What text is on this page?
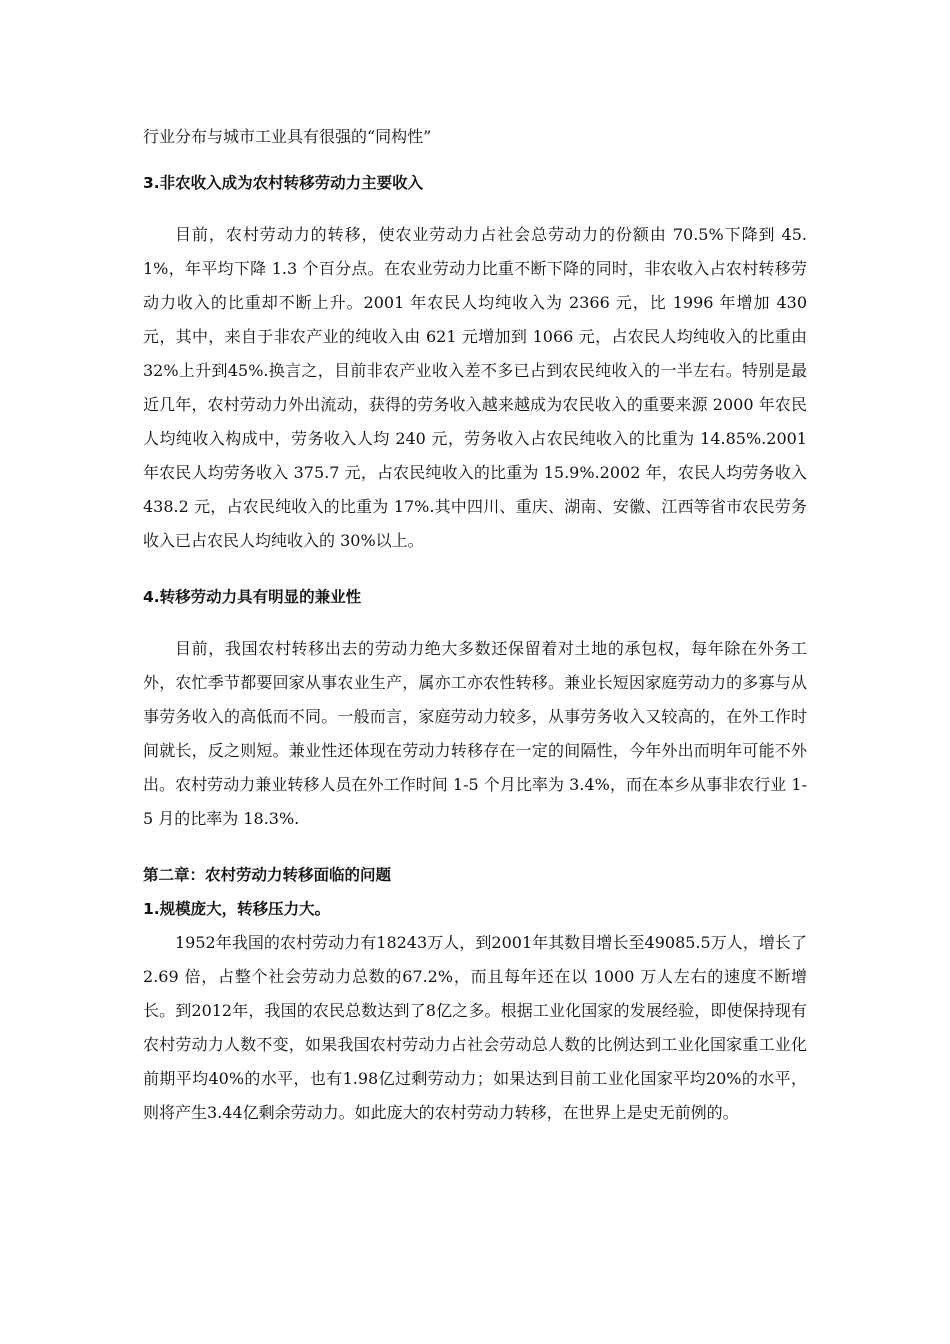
行业分布与城市工业具有很强的“同构性”

3.非农收入成为农村转移劳动力主要收入

目前，农村劳动力的转移，使农业劳动力占社会总劳动力的份额由 70.5%下降到 45.1%，年平均下降 1.3 个百分点。在农业劳动力比重不断下降的同时，非农收入占农村转移劳动力收入的比重却不断上升。2001 年农民人均纯收入为 2366 元，比 1996 年增加 430 元，其中，来自于非农产业的纯收入由 621 元增加到 1066 元，占农民人均纯收入的比重由 32%上升到45%.换言之，目前非农产业收入差不多已占到农民纯收入的一半左右。特别是最近几年，农村劳动力外出流动，获得的劳务收入越来越成为农民收入的重要来源 2000 年农民人均纯收入构成中，劳务收入人均 240 元，劳务收入占农民纯收入的比重为 14.85%.2001 年农民人均劳务收入 375.7 元，占农民纯收入的比重为 15.9%.2002 年，农民人均劳务收入 438.2 元，占农民纯收入的比重为 17%.其中四川、重庆、湖南、安徽、江西等省市农民劳务收入已占农民人均纯收入的 30%以上。

4.转移劳动力具有明显的兼业性

目前，我国农村转移出去的劳动力绝大多数还保留着对土地的承包权，每年除在外务工外，农忙季节都要回家从事农业生产，属亦工亦农性转移。兼业长短因家庭劳动力的多寡与从事劳务收入的高低而不同。一般而言，家庭劳动力较多，从事劳务收入又较高的，在外工作时间就长，反之则短。兼业性还体现在劳动力转移存在一定的间隔性，今年外出而明年可能不外出。农村劳动力兼业转移人员在外工作时间 1-5 个月比率为 3.4%，而在本乡从事非农行业 1-5 月的比率为 18.3%.

第二章：农村劳动力转移面临的问题
1.规模庞大，转移压力大。

1952年我国的农村劳动力有18243万人，到2001年其数目增长至49085.5万人，增长了2.69 倍，占整个社会劳动力总数的67.2%，而且每年还在以 1000 万人左右的速度不断增长。到2012年，我国的农民总数达到了8亿之多。根据工业化国家的发展经验，即使保持现有农村劳动力人数不变，如果我国农村劳动力占社会劳动总人数的比例达到工业化国家重工业化前期平均40%的水平，也有1.98亿过剩劳动力；如果达到目前工业化国家平均20%的水平，则将产生3.44亿剩余劳动力。如此庞大的农村劳动力转移，在世界上是史无前例的。
